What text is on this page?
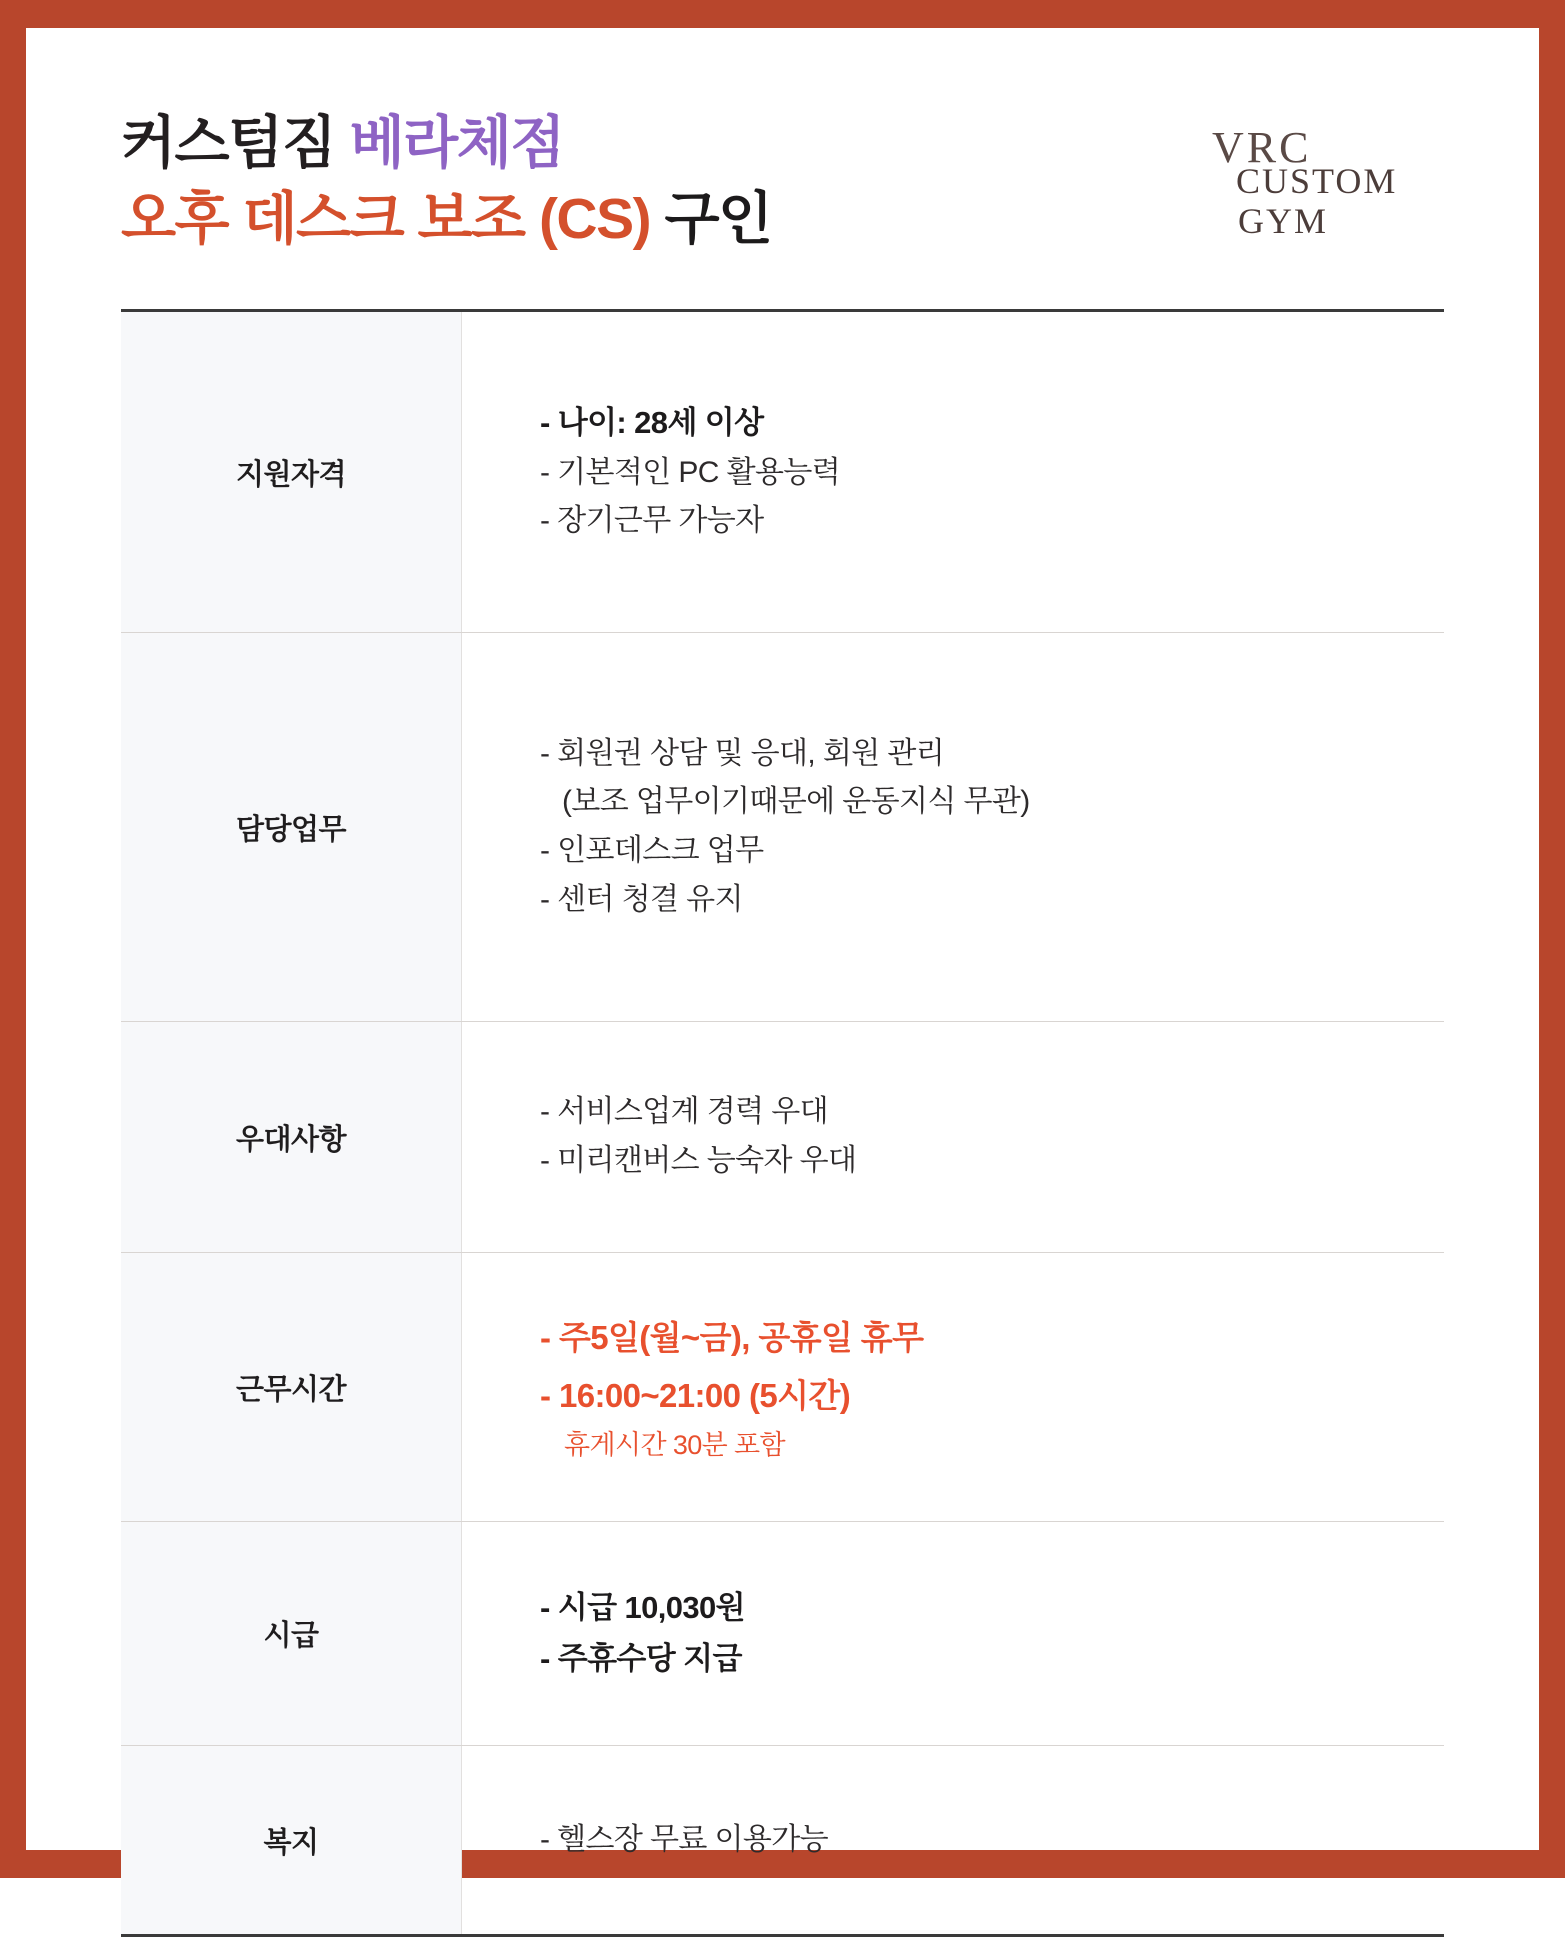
커스텀짐 베라체점
오후 데스크 보조 (CS) 구인
VRC
CUSTOM
GYM
지원자격
- 나이: 28세 이상
- 기본적인 PC 활용능력
- 장기근무 가능자
담당업무
- 회원권 상담 및 응대, 회원 관리
(보조 업무이기때문에 운동지식 무관)
- 인포데스크 업무
- 센터 청결 유지
우대사항
- 서비스업계 경력 우대
- 미리캔버스 능숙자 우대
근무시간
- 주5일(월~금), 공휴일 휴무
- 16:00~21:00 (5시간)
휴게시간 30분 포함
시급
- 시급 10,030원
- 주휴수당 지급
복지	- 헬스장 무료 이용가능
